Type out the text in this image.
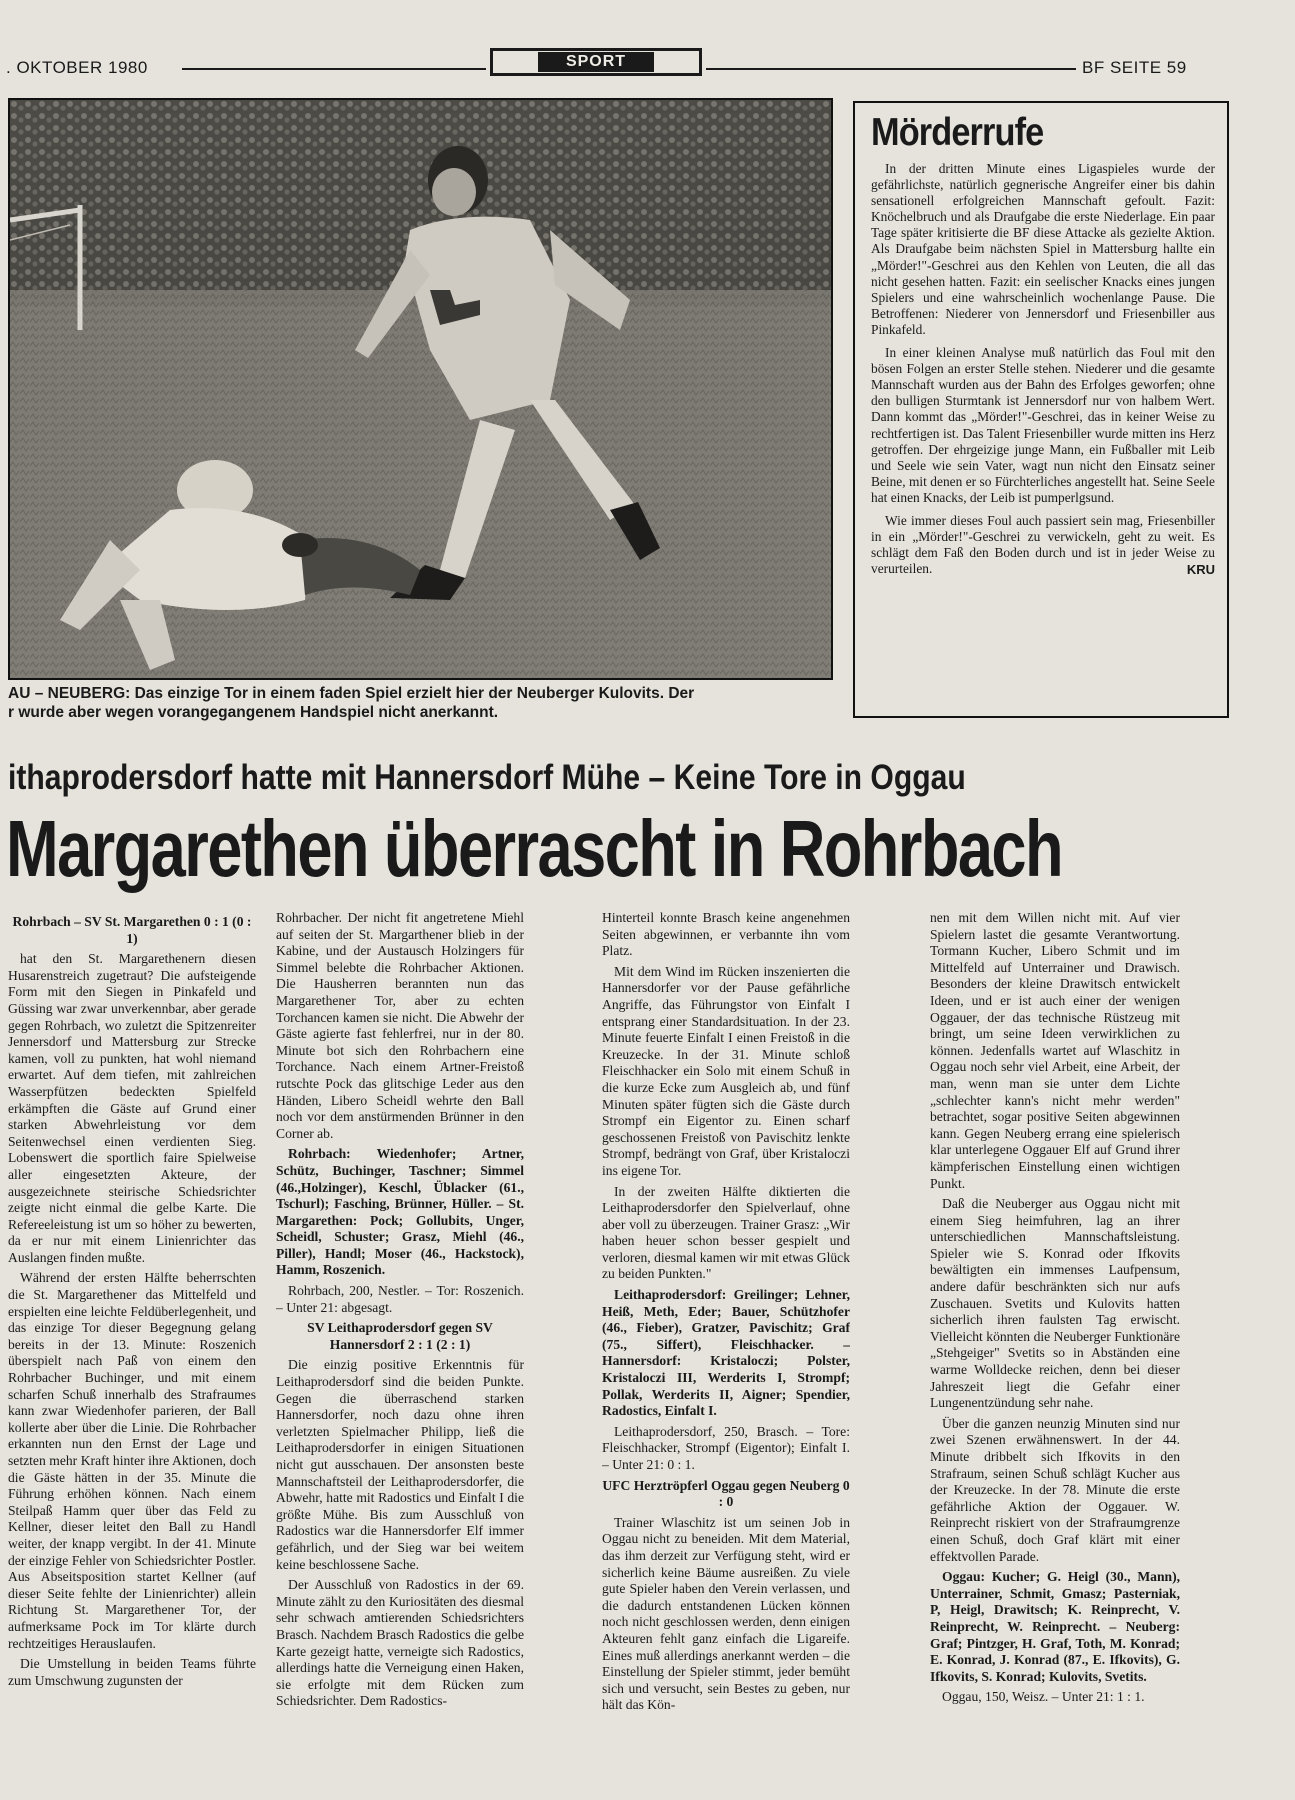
. OKTOBER 1980	SPORT	BF SEITE 59
AU – NEUBERG: Das einzige Tor in einem faden Spiel erzielt hier der Neuberger Kulovits. Der
r wurde aber wegen vorangegangenem Handspiel nicht anerkannt.
Mörderrufe

In der dritten Minute eines Ligaspieles wurde der gefährlichste, natürlich gegnerische Angreifer einer bis dahin sensationell erfolgreichen Mannschaft gefoult. Fazit: Knöchelbruch und als Draufgabe die erste Niederlage. Ein paar Tage später kritisierte die BF diese Attacke als gezielte Aktion. Als Draufgabe beim nächsten Spiel in Mattersburg hallte ein „Mörder!"-Geschrei aus den Kehlen von Leuten, die all das nicht gesehen hatten. Fazit: ein seelischer Knacks eines jungen Spielers und eine wahrscheinlich wochenlange Pause. Die Betroffenen: Niederer von Jennersdorf und Friesenbiller aus Pinkafeld.

In einer kleinen Analyse muß natürlich das Foul mit den bösen Folgen an erster Stelle stehen. Niederer und die gesamte Mannschaft wurden aus der Bahn des Erfolges geworfen; ohne den bulligen Sturmtank ist Jennersdorf nur von halbem Wert. Dann kommt das „Mörder!"-Geschrei, das in keiner Weise zu rechtfertigen ist. Das Talent Friesenbiller wurde mitten ins Herz getroffen. Der ehrgeizige junge Mann, ein Fußballer mit Leib und Seele wie sein Vater, wagt nun nicht den Einsatz seiner Beine, mit denen er so Fürchterliches angestellt hat. Seine Seele hat einen Knacks, der Leib ist pumperlgsund.

Wie immer dieses Foul auch passiert sein mag, Friesenbiller in ein „Mörder!"-Geschrei zu verwickeln, geht zu weit. Es schlägt dem Faß den Boden durch und ist in jeder Weise zu verurteilen.	KRU
ithaprodersdorf hatte mit Hannersdorf Mühe – Keine Tore in Oggau
Margarethen überrascht in Rohrbach

Rohrbach – SV St. Margarethen 0 : 1 (0 : 1)

hat den St. Margarethenern diesen Husarenstreich zugetraut? Die aufsteigende Form mit den Siegen in Pinkafeld und Güssing war zwar unverkennbar, aber gerade gegen Rohrbach, wo zuletzt die Spitzenreiter Jennersdorf und Mattersburg zur Strecke kamen, voll zu punkten, hat wohl niemand erwartet. Auf dem tiefen, mit zahlreichen Wasserpfützen bedeckten Spielfeld erkämpften die Gäste auf Grund einer starken Abwehrleistung vor dem Seitenwechsel einen verdienten Sieg. Lobenswert die sportlich faire Spielweise aller eingesetzten Akteure, der ausgezeichnete steirische Schiedsrichter zeigte nicht einmal die gelbe Karte. Die Refereeleistung ist um so höher zu bewerten, da er nur mit einem Linienrichter das Auslangen finden mußte.

Während der ersten Hälfte beherrschten die St. Margarethener das Mittelfeld und erspielten eine leichte Feldüberlegenheit, und das einzige Tor dieser Begegnung gelang bereits in der 13. Minute: Roszenich überspielt nach Paß von einem den Rohrbacher Buchinger, und mit einem scharfen Schuß innerhalb des Strafraumes kann zwar Wiedenhofer parieren, der Ball kollerte aber über die Linie. Die Rohrbacher erkannten nun den Ernst der Lage und setzten mehr Kraft hinter ihre Aktionen, doch die Gäste hätten in der 35. Minute die Führung erhöhen können. Nach einem Steilpaß Hamm quer über das Feld zu Kellner, dieser leitet den Ball zu Handl weiter, der knapp vergibt. In der 41. Minute der einzige Fehler von Schiedsrichter Postler. Aus Abseitsposition startet Kellner (auf dieser Seite fehlte der Linienrichter) allein Richtung St. Margarethener Tor, der aufmerksame Pock im Tor klärte durch rechtzeitiges Herauslaufen.

Die Umstellung in beiden Teams führte zum Umschwung zugunsten der

Rohrbacher. Der nicht fit angetretene Miehl auf seiten der St. Margarthener blieb in der Kabine, und der Austausch Holzingers für Simmel belebte die Rohrbacher Aktionen. Die Hausherren berannten nun das Margarethener Tor, aber zu echten Torchancen kamen sie nicht. Die Abwehr der Gäste agierte fast fehlerfrei, nur in der 80. Minute bot sich den Rohrbachern eine Torchance. Nach einem Artner-Freistoß rutschte Pock das glitschige Leder aus den Händen, Libero Scheidl wehrte den Ball noch vor dem anstürmenden Brünner in den Corner ab.

Rohrbach: Wiedenhofer; Artner, Schütz, Buchinger, Taschner; Simmel (46.,Holzinger), Keschl, Üblacker (61., Tschurl); Fasching, Brünner, Hüller. – St. Margarethen: Pock; Gollubits, Unger, Scheidl, Schuster; Grasz, Miehl (46., Piller), Handl; Moser (46., Hackstock), Hamm, Roszenich.

Rohrbach, 200, Nestler. – Tor: Roszenich. – Unter 21: abgesagt.

SV Leithaprodersdorf gegen SV Hannersdorf 2 : 1 (2 : 1)

Die einzig positive Erkenntnis für Leithaprodersdorf sind die beiden Punkte. Gegen die überraschend starken Hannersdorfer, noch dazu ohne ihren verletzten Spielmacher Philipp, ließ die Leithaprodersdorfer in einigen Situationen nicht gut ausschauen. Der ansonsten beste Mannschaftsteil der Leithaprodersdorfer, die Abwehr, hatte mit Radostics und Einfalt I die größte Mühe. Bis zum Ausschluß von Radostics war die Hannersdorfer Elf immer gefährlich, und der Sieg war bei weitem keine beschlossene Sache.

Der Ausschluß von Radostics in der 69. Minute zählt zu den Kuriositäten des diesmal sehr schwach amtierenden Schiedsrichters Brasch. Nachdem Brasch Radostics die gelbe Karte gezeigt hatte, verneigte sich Radostics, allerdings hatte die Verneigung einen Haken, sie erfolgte mit dem Rücken zum Schiedsrichter. Dem Radostics-

Hinterteil konnte Brasch keine angenehmen Seiten abgewinnen, er verbannte ihn vom Platz.

Mit dem Wind im Rücken inszenierten die Hannersdorfer vor der Pause gefährliche Angriffe, das Führungstor von Einfalt I entsprang einer Standardsituation. In der 23. Minute feuerte Einfalt I einen Freistoß in die Kreuzecke. In der 31. Minute schloß Fleischhacker ein Solo mit einem Schuß in die kurze Ecke zum Ausgleich ab, und fünf Minuten später fügten sich die Gäste durch Strompf ein Eigentor zu. Einen scharf geschossenen Freistoß von Pavischitz lenkte Strompf, bedrängt von Graf, über Kristaloczi ins eigene Tor.

In der zweiten Hälfte diktierten die Leithaprodersdorfer den Spielverlauf, ohne aber voll zu überzeugen. Trainer Grasz: „Wir haben heuer schon besser gespielt und verloren, diesmal kamen wir mit etwas Glück zu beiden Punkten."

Leithaprodersdorf: Greilinger; Lehner, Heiß, Meth, Eder; Bauer, Schützhofer (46., Fieber), Gratzer, Pavischitz; Graf (75., Siffert), Fleischhacker. – Hannersdorf: Kristaloczi; Polster, Kristaloczi III, Werderits I, Strompf; Pollak, Werderits II, Aigner; Spendier, Radostics, Einfalt I.

Leithaprodersdorf, 250, Brasch. – Tore: Fleischhacker, Strompf (Eigentor); Einfalt I. – Unter 21: 0 : 1.

UFC Herztröpferl Oggau gegen Neuberg 0 : 0

Trainer Wlaschitz ist um seinen Job in Oggau nicht zu beneiden. Mit dem Material, das ihm derzeit zur Verfügung steht, wird er sicherlich keine Bäume ausreißen. Zu viele gute Spieler haben den Verein verlassen, und die dadurch entstandenen Lücken können noch nicht geschlossen werden, denn einigen Akteuren fehlt ganz einfach die Ligareife. Eines muß allerdings anerkannt werden – die Einstellung der Spieler stimmt, jeder bemüht sich und versucht, sein Bestes zu geben, nur hält das Kön-

nen mit dem Willen nicht mit. Auf vier Spielern lastet die gesamte Verantwortung. Tormann Kucher, Libero Schmit und im Mittelfeld auf Unterrainer und Drawisch. Besonders der kleine Drawitsch entwickelt Ideen, und er ist auch einer der wenigen Oggauer, der das technische Rüstzeug mit bringt, um seine Ideen verwirklichen zu können. Jedenfalls wartet auf Wlaschitz in Oggau noch sehr viel Arbeit, eine Arbeit, der man, wenn man sie unter dem Lichte „schlechter kann's nicht mehr werden" betrachtet, sogar positive Seiten abgewinnen kann. Gegen Neuberg errang eine spielerisch klar unterlegene Oggauer Elf auf Grund ihrer kämpferischen Einstellung einen wichtigen Punkt.

Daß die Neuberger aus Oggau nicht mit einem Sieg heimfuhren, lag an ihrer unterschiedlichen Mannschaftsleistung. Spieler wie S. Konrad oder Ifkovits bewältigten ein immenses Laufpensum, andere dafür beschränkten sich nur aufs Zuschauen. Svetits und Kulovits hatten sicherlich ihren faulsten Tag erwischt. Vielleicht könnten die Neuberger Funktionäre „Stehgeiger" Svetits so in Abständen eine warme Wolldecke reichen, denn bei dieser Jahreszeit liegt die Gefahr einer Lungenentzündung sehr nahe.

Über die ganzen neunzig Minuten sind nur zwei Szenen erwähnenswert. In der 44. Minute dribbelt sich Ifkovits in den Strafraum, seinen Schuß schlägt Kucher aus der Kreuzecke. In der 78. Minute die erste gefährliche Aktion der Oggauer. W. Reinprecht riskiert von der Strafraumgrenze einen Schuß, doch Graf klärt mit einer effektvollen Parade.

Oggau: Kucher; G. Heigl (30., Mann), Unterrainer, Schmit, Gmasz; Pasterniak, P, Heigl, Drawitsch; K. Reinprecht, V. Reinprecht, W. Reinprecht. – Neuberg: Graf; Pintzger, H. Graf, Toth, M. Konrad; E. Konrad, J. Konrad (87., E. Ifkovits), G. Ifkovits, S. Konrad; Kulovits, Svetits.

Oggau, 150, Weisz. – Unter 21: 1 : 1.
